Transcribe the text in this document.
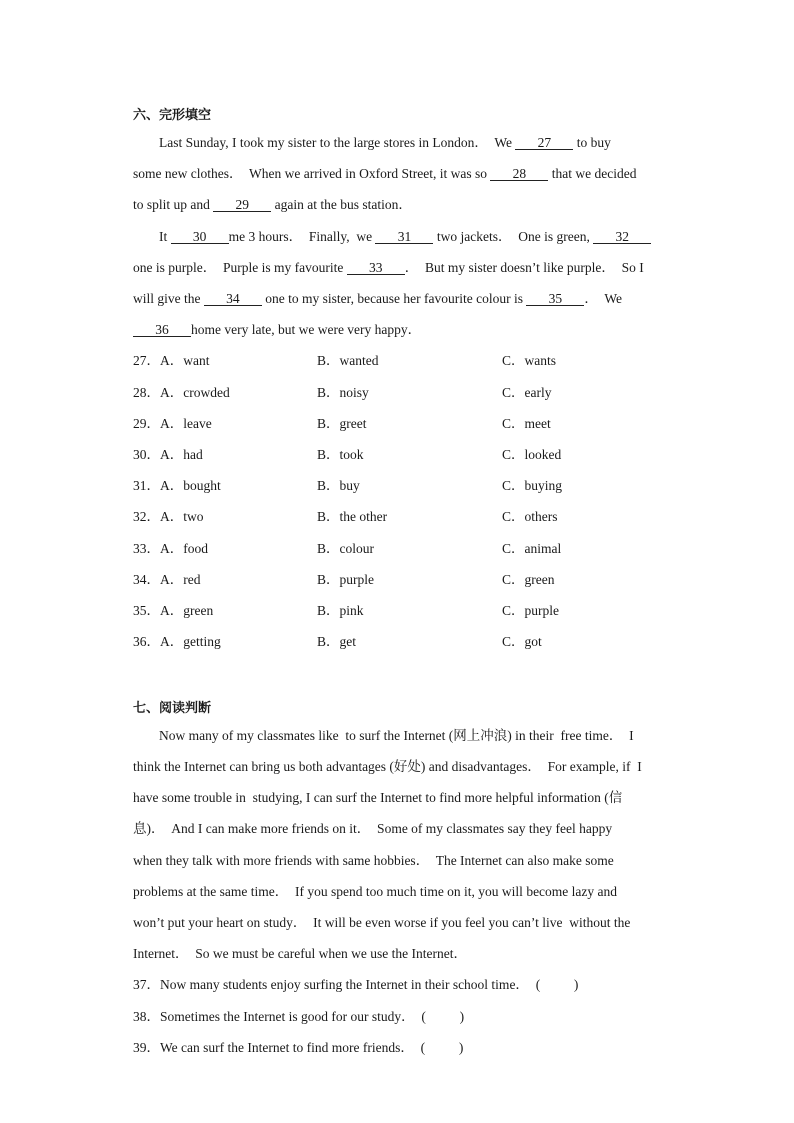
六、完形填空
Last Sunday, I took my sister to the large stores in London．  We 27 to buy
some new clothes．  When we arrived in Oxford Street, it was so 28 that we decided
to split up and 29 again at the bus station．
It 30 me 3 hours．  Finally,  we 31 two jackets．  One is green, 32
one is purple．  Purple is my favourite 33 ．  But my sister doesn’t like purple．  So I
will give the 34 one to my sister, because her favourite colour is 35 ．  We
36 home very late, but we were very happy．
27． A．want	B．wanted	C．wants
28． A．crowded	B．noisy	C．early
29． A．leave	B．greet	C．meet
30． A．had	B．took	C．looked
31． A．bought	B．buy	C．buying
32． A．two	B．the other	C．others
33． A．food	B．colour	C．animal
34． A．red	B．purple	C．green
35． A．green	B．pink	C．purple
36． A．getting	B．get	C．got
七、阅读判断
Now many of my classmates like  to surf the Internet (网上冲浪) in their  free time．  I
think the Internet can bring us both advantages (好处) and disadvantages．  For example, if  I
have some trouble in  studying, I can surf the Internet to find more helpful information (信
息)．  And I can make more friends on it．  Some of my classmates say they feel happy
when they talk with more friends with same hobbies．  The Internet can also make some
problems at the same time．  If you spend too much time on it, you will become lazy and
won’t put your heart on study．  It will be even worse if you feel you can’t live  without the
Internet．  So we must be careful when we use the Internet．
37．Now many students enjoy surfing the Internet in their school time． (          )
38．Sometimes the Internet is good for our study． (          )
39．We can surf the Internet to find more friends． (          )
